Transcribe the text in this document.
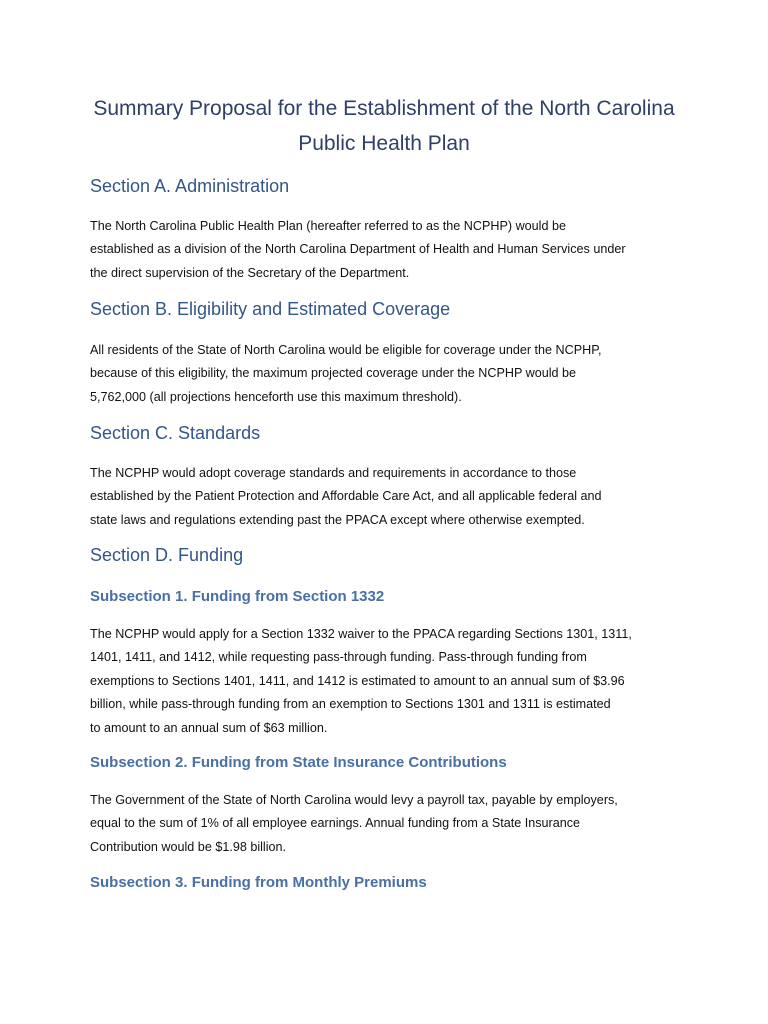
Summary Proposal for the Establishment of the North Carolina
Public Health Plan
Section A. Administration
The North Carolina Public Health Plan (hereafter referred to as the NCPHP) would be
established as a division of the North Carolina Department of Health and Human Services under
the direct supervision of the Secretary of the Department.
Section B. Eligibility and Estimated Coverage
All residents of the State of North Carolina would be eligible for coverage under the NCPHP,
because of this eligibility, the maximum projected coverage under the NCPHP would be
5,762,000 (all projections henceforth use this maximum threshold).
Section C. Standards
The NCPHP would adopt coverage standards and requirements in accordance to those
established by the Patient Protection and Affordable Care Act, and all applicable federal and
state laws and regulations extending past the PPACA except where otherwise exempted.
Section D. Funding
Subsection 1. Funding from Section 1332
The NCPHP would apply for a Section 1332 waiver to the PPACA regarding Sections 1301, 1311,
1401, 1411, and 1412, while requesting pass-through funding. Pass-through funding from
exemptions to Sections 1401, 1411, and 1412 is estimated to amount to an annual sum of $3.96
billion, while pass-through funding from an exemption to Sections 1301 and 1311 is estimated
to amount to an annual sum of $63 million.
Subsection 2. Funding from State Insurance Contributions
The Government of the State of North Carolina would levy a payroll tax, payable by employers,
equal to the sum of 1% of all employee earnings. Annual funding from a State Insurance
Contribution would be $1.98 billion.
Subsection 3. Funding from Monthly Premiums
